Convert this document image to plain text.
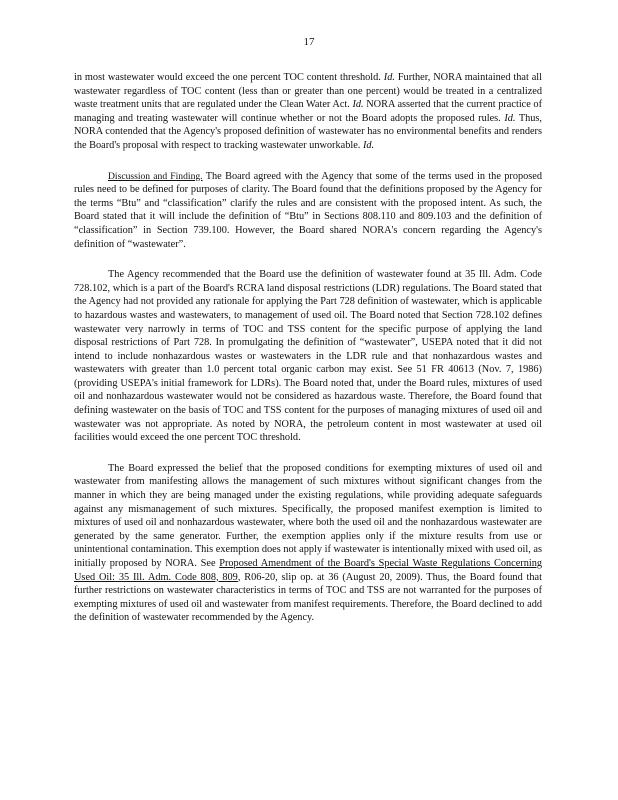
17

in most wastewater would exceed the one percent TOC content threshold. Id. Further, NORA maintained that all wastewater regardless of TOC content (less than or greater than one percent) would be treated in a centralized waste treatment units that are regulated under the Clean Water Act. Id. NORA asserted that the current practice of managing and treating wastewater will continue whether or not the Board adopts the proposed rules. Id. Thus, NORA contended that the Agency's proposed definition of wastewater has no environmental benefits and renders the Board's proposal with respect to tracking wastewater unworkable. Id.

Discussion and Finding. The Board agreed with the Agency that some of the terms used in the proposed rules need to be defined for purposes of clarity. The Board found that the definitions proposed by the Agency for the terms “Btu” and “classification” clarify the rules and are consistent with the proposed intent. As such, the Board stated that it will include the definition of “Btu” in Sections 808.110 and 809.103 and the definition of “classification” in Section 739.100. However, the Board shared NORA's concern regarding the Agency's definition of “wastewater”.

The Agency recommended that the Board use the definition of wastewater found at 35 Ill. Adm. Code 728.102, which is a part of the Board's RCRA land disposal restrictions (LDR) regulations. The Board stated that the Agency had not provided any rationale for applying the Part 728 definition of wastewater, which is applicable to hazardous wastes and wastewaters, to management of used oil. The Board noted that Section 728.102 defines wastewater very narrowly in terms of TOC and TSS content for the specific purpose of applying the land disposal restrictions of Part 728. In promulgating the definition of “wastewater”, USEPA noted that it did not intend to include nonhazardous wastes or wastewaters in the LDR rule and that nonhazardous wastes and wastewaters with greater than 1.0 percent total organic carbon may exist. See 51 FR 40613 (Nov. 7, 1986) (providing USEPA's initial framework for LDRs). The Board noted that, under the Board rules, mixtures of used oil and nonhazardous wastewater would not be considered as hazardous waste. Therefore, the Board found that defining wastewater on the basis of TOC and TSS content for the purposes of managing mixtures of used oil and wastewater was not appropriate. As noted by NORA, the petroleum content in most wastewater at used oil facilities would exceed the one percent TOC threshold.

The Board expressed the belief that the proposed conditions for exempting mixtures of used oil and wastewater from manifesting allows the management of such mixtures without significant changes from the manner in which they are being managed under the existing regulations, while providing adequate safeguards against any mismanagement of such mixtures. Specifically, the proposed manifest exemption is limited to mixtures of used oil and nonhazardous wastewater, where both the used oil and the nonhazardous wastewater are generated by the same generator. Further, the exemption applies only if the mixture results from use or unintentional contamination. This exemption does not apply if wastewater is intentionally mixed with used oil, as initially proposed by NORA. See Proposed Amendment of the Board's Special Waste Regulations Concerning Used Oil: 35 Ill. Adm. Code 808, 809, R06-20, slip op. at 36 (August 20, 2009). Thus, the Board found that further restrictions on wastewater characteristics in terms of TOC and TSS are not warranted for the purposes of exempting mixtures of used oil and wastewater from manifest requirements. Therefore, the Board declined to add the definition of wastewater recommended by the Agency.
